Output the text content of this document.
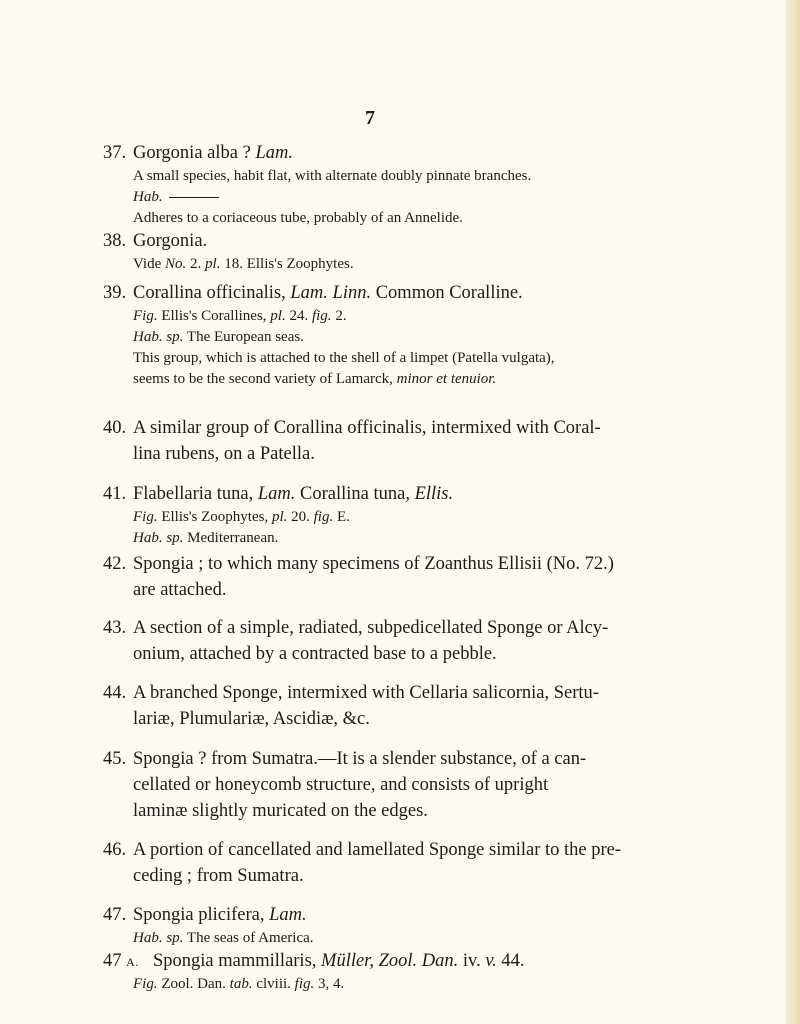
7
37. Gorgonia alba ? Lam.
A small species, habit flat, with alternate doubly pinnate branches.
Hab.
Adheres to a coriaceous tube, probably of an Annelide.
38. Gorgonia.
Vide No. 2. pl. 18. Ellis's Zoophytes.
39. Corallina officinalis, Lam. Linn. Common Coralline.
Fig. Ellis's Corallines, pl. 24. fig. 2.
Hab. sp. The European seas.
This group, which is attached to the shell of a limpet (Patella vulgata),
seems to be the second variety of Lamarck, minor et tenuior.
40. A similar group of Corallina officinalis, intermixed with Coral-
lina rubens, on a Patella.
41. Flabellaria tuna, Lam. Corallina tuna, Ellis.
Fig. Ellis's Zoophytes, pl. 20. fig. E.
Hab. sp. Mediterranean.
42. Spongia ; to which many specimens of Zoanthus Ellisii (No. 72.)
are attached.
43. A section of a simple, radiated, subpedicellated Sponge or Alcy-
onium, attached by a contracted base to a pebble.
44. A branched Sponge, intermixed with Cellaria salicornia, Sertu-
lariæ, Plumulariæ, Ascidiæ, &c.
45. Spongia ? from Sumatra.—It is a slender substance, of a can-
cellated or honeycomb structure, and consists of upright
laminæ slightly muricated on the edges.
46. A portion of cancellated and lamellated Sponge similar to the pre-
ceding ; from Sumatra.
47. Spongia plicifera, Lam.
Hab. sp. The seas of America.
47 A. Spongia mammillaris, Müller, Zool. Dan. iv. v. 44.
Fig. Zool. Dan. tab. clviii. fig. 3, 4.
